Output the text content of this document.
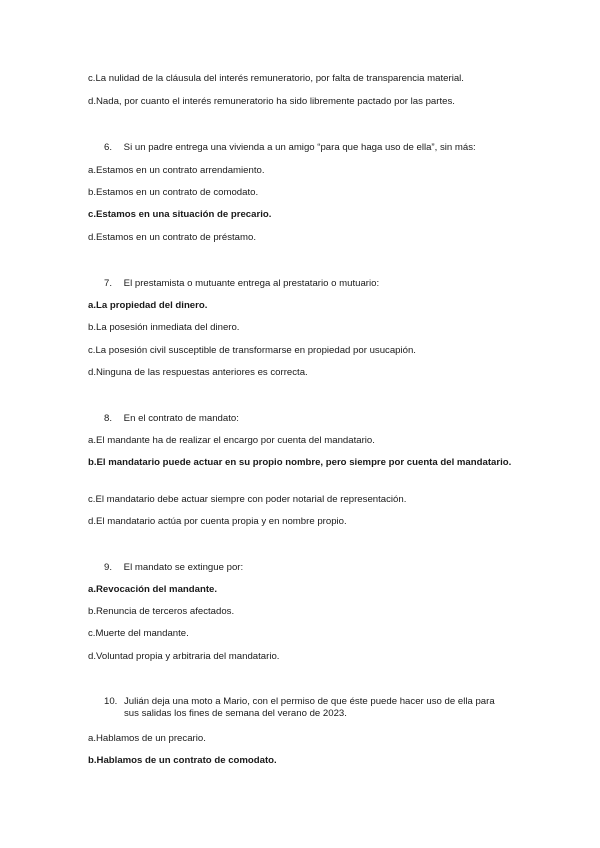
c.La nulidad de la cláusula del interés remuneratorio, por falta de transparencia material.
d.Nada, por cuanto el interés remuneratorio ha sido libremente pactado por las partes.
6. Si un padre entrega una vivienda a un amigo “para que haga uso de ella”, sin más:
a.Estamos en un contrato arrendamiento.
b.Estamos en un contrato de comodato.
c.Estamos en una situación de precario.
d.Estamos en un contrato de préstamo.
7. El prestamista o mutuante entrega al prestatario o mutuario:
a.La propiedad del dinero.
b.La posesión inmediata del dinero.
c.La posesión civil susceptible de transformarse en propiedad por usucapión.
d.Ninguna de las respuestas anteriores es correcta.
8. En el contrato de mandato:
a.El mandante ha de realizar el encargo por cuenta del mandatario.
b.El mandatario puede actuar en su propio nombre, pero siempre por cuenta del mandatario.
c.El mandatario debe actuar siempre con poder notarial de representación.
d.El mandatario actúa por cuenta propia y en nombre propio.
9. El mandato se extingue por:
a.Revocación del mandante.
b.Renuncia de terceros afectados.
c.Muerte del mandante.
d.Voluntad propia y arbitraria del mandatario.
10. Julián deja una moto a Mario, con el permiso de que éste puede hacer uso de ella para sus salidas los fines de semana del verano de 2023.
a.Hablamos de un precario.
b.Hablamos de un contrato de comodato.
